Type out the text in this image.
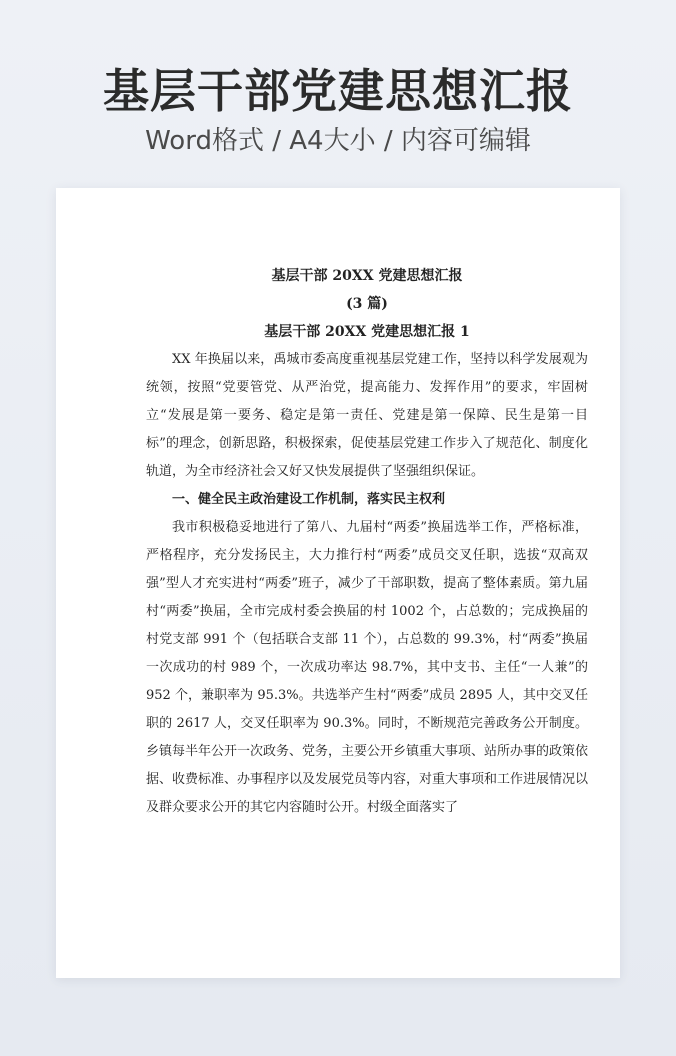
基层干部党建思想汇报
Word格式 / A4大小 / 内容可编辑

基层干部 20XX 党建思想汇报

(3 篇)

基层干部 20XX 党建思想汇报 1

XX 年换届以来，禹城市委高度重视基层党建工作，坚持以科学发展观为统领，按照“党要管党、从严治党，提高能力、发挥作用”的要求，牢固树立“发展是第一要务、稳定是第一责任、党建是第一保障、民生是第一目标”的理念，创新思路，积极探索，促使基层党建工作步入了规范化、制度化轨道，为全市经济社会又好又快发展提供了坚强组织保证。

一、健全民主政治建设工作机制，落实民主权利

我市积极稳妥地进行了第八、九届村“两委”换届选举工作，严格标准，严格程序，充分发扬民主，大力推行村“两委”成员交叉任职，选拔“双高双强”型人才充实进村“两委”班子，减少了干部职数，提高了整体素质。第九届村“两委”换届，全市完成村委会换届的村 1002 个，占总数的；完成换届的村党支部 991 个（包括联合支部 11 个），占总数的 99.3%，村“两委”换届一次成功的村 989 个，一次成功率达 98.7%，其中支书、主任“一人兼”的 952 个，兼职率为 95.3%。共选举产生村“两委”成员 2895 人，其中交叉任职的 2617 人，交叉任职率为 90.3%。同时，不断规范完善政务公开制度。乡镇每半年公开一次政务、党务，主要公开乡镇重大事项、站所办事的政策依据、收费标准、办事程序以及发展党员等内容，对重大事项和工作进展情况以及群众要求公开的其它内容随时公开。村级全面落实了
